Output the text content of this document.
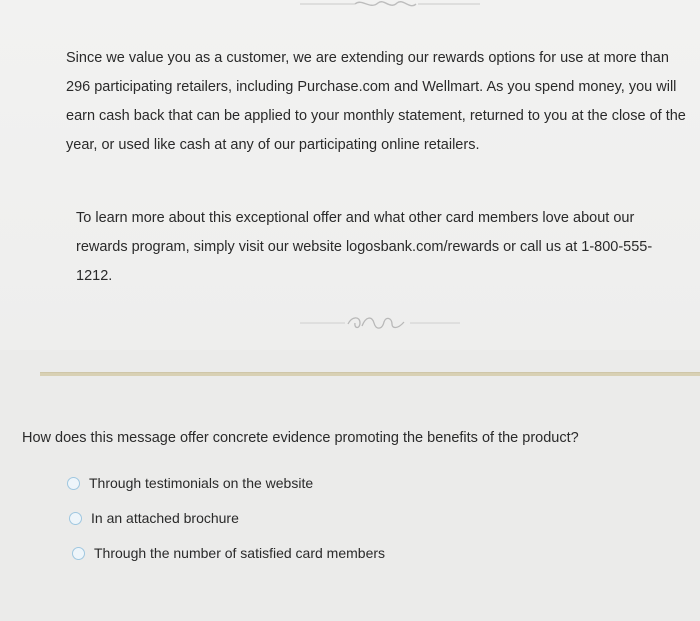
Since we value you as a customer, we are extending our rewards options for use at more than 296 participating retailers, including Purchase.com and Wellmart. As you spend money, you will earn cash back that can be applied to your monthly statement, returned to you at the close of the year, or used like cash at any of our participating online retailers.

To learn more about this exceptional offer and what other card members love about our rewards program, simply visit our website logosbank.com/rewards or call us at 1-800-555-1212.

How does this message offer concrete evidence promoting the benefits of the product?

Through testimonials on the website
In an attached brochure
Through the number of satisfied card members
